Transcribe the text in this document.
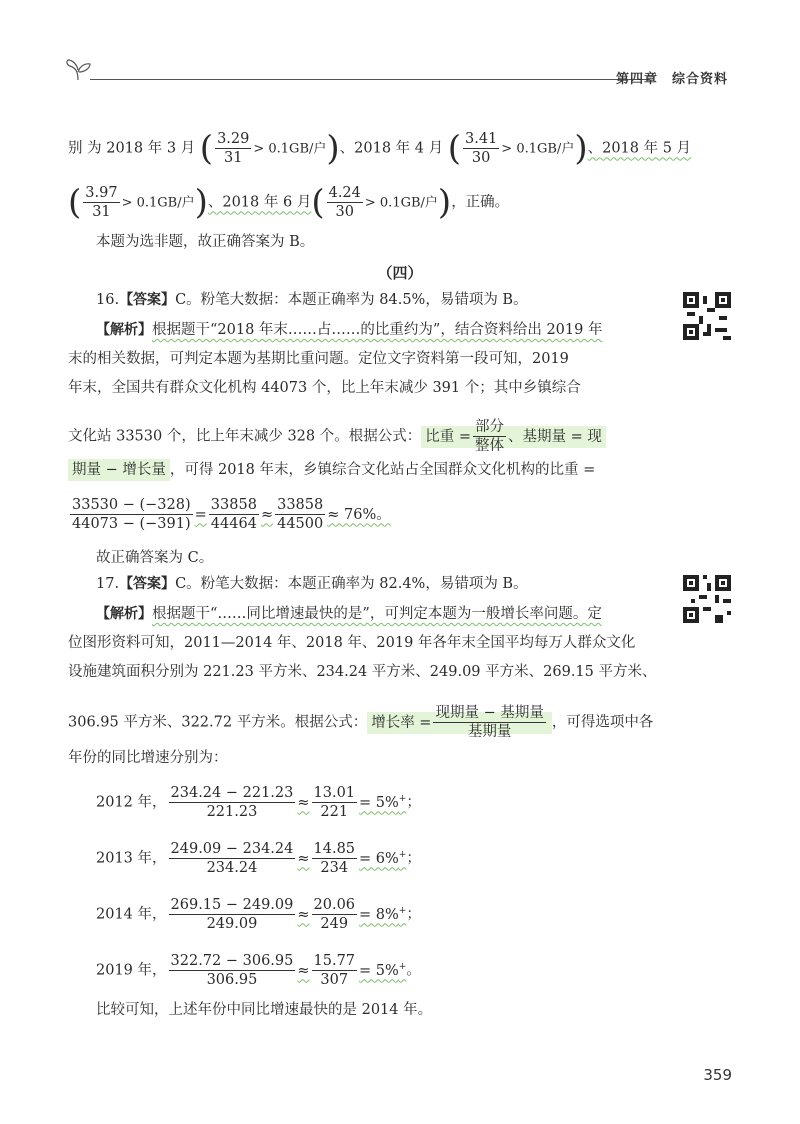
第四章 综合资料
别 为 2018 年 3 月 ( $\frac{3.29}{31} > 0.1GB/$户)、2018 年 4 月 ( $\frac{3.41}{30} > 0.1GB/$户)、2018 年 5 月
( $\frac{3.97}{31} > 0.1GB/$户)、2018 年 6 月( $\frac{4.24}{30} > 0.1GB/$户)，正确。
本题为选非题，故正确答案为 B。
（四）
16.【答案】C。粉笔大数据：本题正确率为 84.5%，易错项为 B。
【解析】根据题干“2018 年末……占……的比重约为”，结合资料给出 2019 年
末的相关数据，可判定本题为基期比重问题。定位文字资料第一段可知，2019
年末，全国共有群众文化机构 44073 个，比上年末减少 391 个；其中乡镇综合
文化站 33530 个，比上年末减少 328 个。根据公式： 比重 = $\frac{\text{部分}}{\text{整体}}$ 、基期量 = 现
期量 − 增长量 ，可得 2018 年末，乡镇综合文化站占全国群众文化机构的比重 =
$\frac{33530 - (-328)}{44073 - (-391)} = \frac{33858}{44464} \approx \frac{33858}{44500} \approx 76\%$。
故正确答案为 C。
17.【答案】C。粉笔大数据：本题正确率为 82.4%，易错项为 B。
【解析】根据题干“……同比增速最快的是”，可判定本题为一般增长率问题。定
位图形资料可知，2011—2014 年、2018 年、2019 年各年末全国平均每万人群众文化
设施建筑面积分别为 221.23 平方米、234.24 平方米、249.09 平方米、269.15 平方米、
306.95 平方米、322.72 平方米。根据公式： 增长率 = $\frac{\text{现期量 − 基期量}}{\text{基期量}}$ ，可得选项中各
年份的同比增速分别为：
2012 年， $\frac{234.24 - 221.23}{221.23} \approx \frac{13.01}{221} = 5\%^+$；
2013 年， $\frac{249.09 - 234.24}{234.24} \approx \frac{14.85}{234} = 6\%^+$；
2014 年， $\frac{269.15 - 249.09}{249.09} \approx \frac{20.06}{249} = 8\%^+$；
2019 年， $\frac{322.72 - 306.95}{306.95} \approx \frac{15.77}{307} = 5\%^+$。
比较可知，上述年份中同比增速最快的是 2014 年。
359
